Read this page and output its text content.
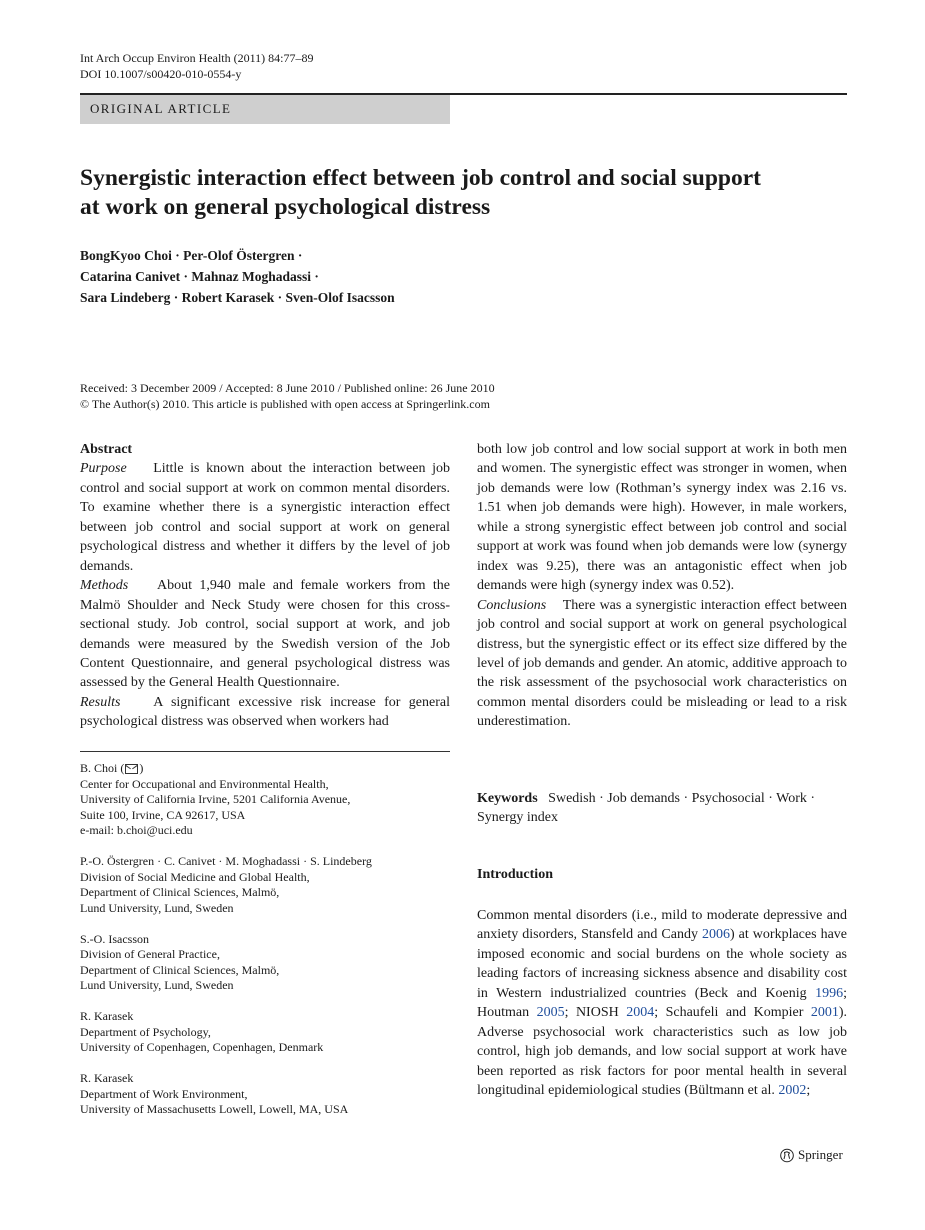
Int Arch Occup Environ Health (2011) 84:77–89
DOI 10.1007/s00420-010-0554-y
ORIGINAL ARTICLE
Synergistic interaction effect between job control and social support at work on general psychological distress
BongKyoo Choi · Per-Olof Östergren ·
Catarina Canivet · Mahnaz Moghadassi ·
Sara Lindeberg · Robert Karasek · Sven-Olof Isacsson
Received: 3 December 2009 / Accepted: 8 June 2010 / Published online: 26 June 2010
© The Author(s) 2010. This article is published with open access at Springerlink.com

Abstract

Purpose Little is known about the interaction between job control and social support at work on common mental disorders. To examine whether there is a synergistic interaction effect between job control and social support at work on general psychological distress and whether it differs by the level of job demands.

Methods About 1,940 male and female workers from the Malmö Shoulder and Neck Study were chosen for this cross-sectional study. Job control, social support at work, and job demands were measured by the Swedish version of the Job Content Questionnaire, and general psychological distress was assessed by the General Health Questionnaire.

Results A significant excessive risk increase for general psychological distress was observed when workers had

B. Choi ( )
Center for Occupational and Environmental Health,
University of California Irvine, 5201 California Avenue,
Suite 100, Irvine, CA 92617, USA
e-mail: b.choi@uci.edu
P.-O. Östergren · C. Canivet · M. Moghadassi · S. Lindeberg
Division of Social Medicine and Global Health,
Department of Clinical Sciences, Malmö,
Lund University, Lund, Sweden
S.-O. Isacsson
Division of General Practice,
Department of Clinical Sciences, Malmö,
Lund University, Lund, Sweden
R. Karasek
Department of Psychology,
University of Copenhagen, Copenhagen, Denmark
R. Karasek
Department of Work Environment,
University of Massachusetts Lowell, Lowell, MA, USA

both low job control and low social support at work in both men and women. The synergistic effect was stronger in women, when job demands were low (Rothman’s synergy index was 2.16 vs. 1.51 when job demands were high). However, in male workers, while a strong synergistic effect between job control and social support at work was found when job demands were low (synergy index was 9.25), there was an antagonistic effect when job demands were high (synergy index was 0.52).

Conclusions There was a synergistic interaction effect between job control and social support at work on general psychological distress, but the synergistic effect or its effect size differed by the level of job demands and gender. An atomic, additive approach to the risk assessment of the psychosocial work characteristics on common mental disorders could be misleading or lead to a risk underestimation.

Keywords Swedish · Job demands · Psychosocial · Work · Synergy index
Introduction
Common mental disorders (i.e., mild to moderate depressive and anxiety disorders, Stansfeld and Candy 2006) at workplaces have imposed economic and social burdens on the whole society as leading factors of increasing sickness absence and disability cost in Western industrialized countries (Beck and Koenig 1996; Houtman 2005; NIOSH 2004; Schaufeli and Kompier 2001). Adverse psychosocial work characteristics such as low job control, high job demands, and low social support at work have been reported as risk factors for poor mental health in several longitudinal epidemiological studies (Bültmann et al. 2002;
Springer
